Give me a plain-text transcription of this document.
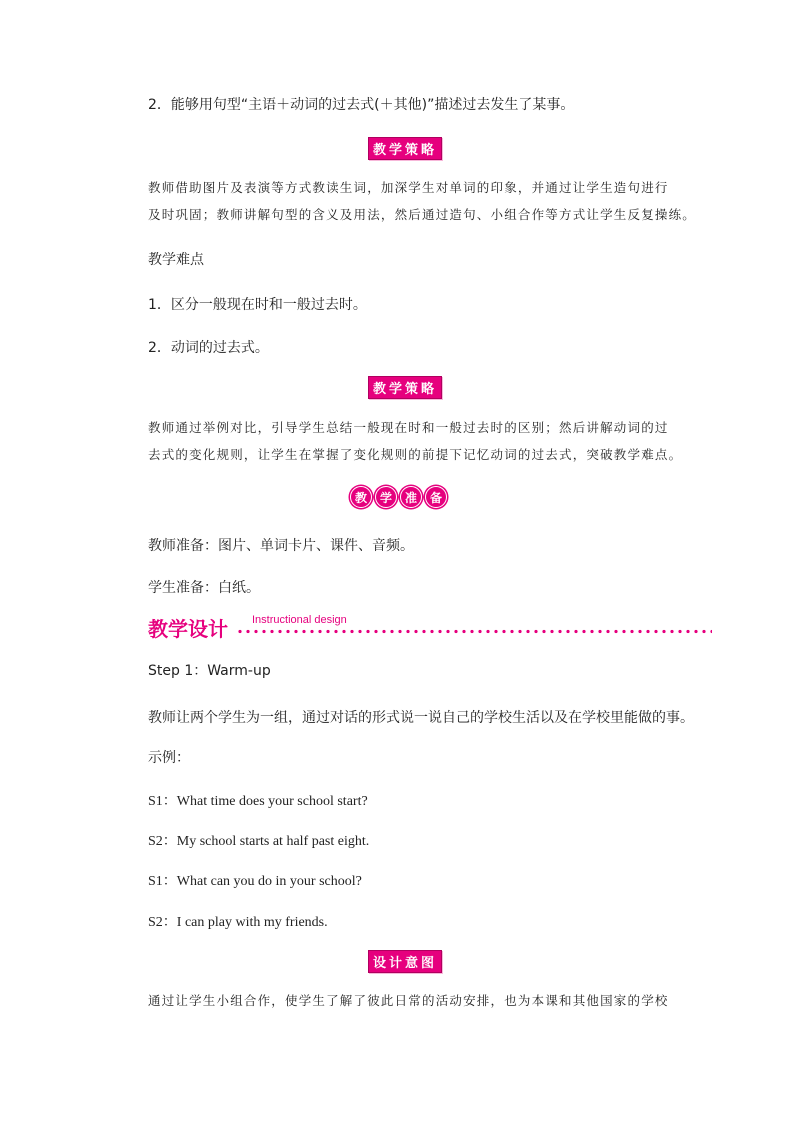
2．能够用句型“主语＋动词的过去式(＋其他)”描述过去发生了某事。
教学策略
教师借助图片及表演等方式教读生词，加深学生对单词的印象，并通过让学生造句进行
及时巩固；教师讲解句型的含义及用法，然后通过造句、小组合作等方式让学生反复操练。
教学难点
1．区分一般现在时和一般过去时。
2．动词的过去式。
教学策略
教师通过举例对比，引导学生总结一般现在时和一般过去时的区别；然后讲解动词的过
去式的变化规则，让学生在掌握了变化规则的前提下记忆动词的过去式，突破教学难点。
教	学	准	备
教师准备：图片、单词卡片、课件、音频。
学生准备：白纸。
教学设计 Instructional design
Step 1：Warm-up
教师让两个学生为一组，通过对话的形式说一说自己的学校生活以及在学校里能做的事。
示例：
S1：What time does your school start?
S2：My school starts at half past eight.
S1：What can you do in your school?
S2：I can play with my friends.
设计意图
通过让学生小组合作，使学生了解了彼此日常的活动安排，也为本课和其他国家的学校
